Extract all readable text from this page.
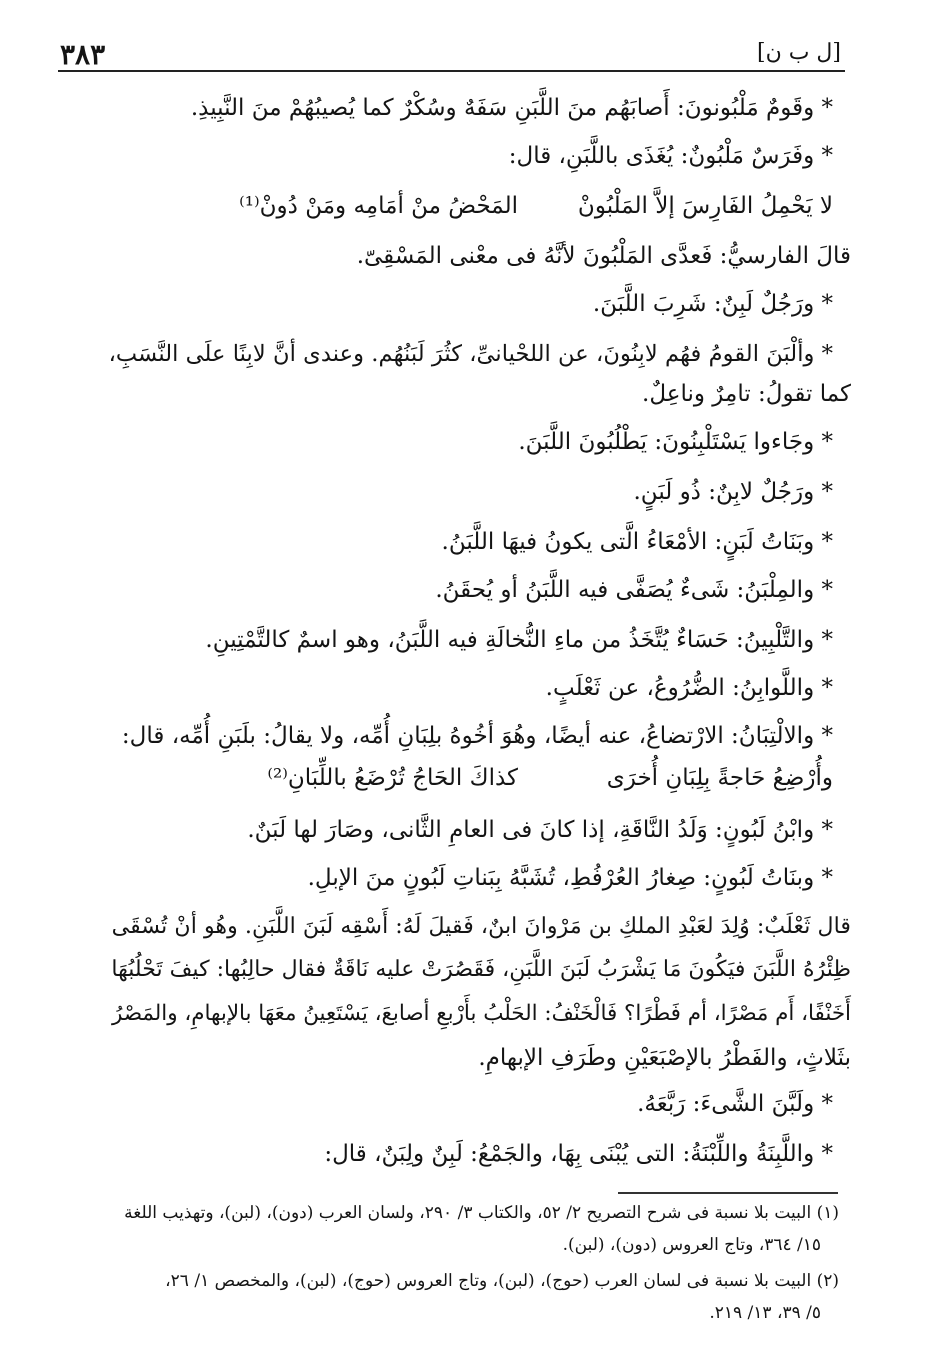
٣٨٣	[ل ب ن]
* وقَومٌ مَلْبُونونَ: أَصابَهُم منَ اللَّبَنِ سَفَهٌ وسُكْرٌ كما يُصيبُهُمْ منَ النَّبِيذِ.
* وفَرَسٌ مَلْبُونٌ: يُغَذَى باللَّبَنِ، قال:
لا يَحْمِلُ الفَارِسَ إلاَّ المَلْبُونْ
المَحْضُ منْ أمَامِه ومَنْ دُونْ⁽¹⁾
قالَ الفارسيُّ: فَعدَّى المَلْبُونَ لأنَّهُ فى معْنى المَسْقِىّ.
* ورَجُلٌ لَبِنٌ: شَرِبَ اللَّبَنَ.
* وألْبَنَ القومُ فهُم لابِنُونَ، عن اللحْيانىِّ، كثُرَ لَبَنُهُم. وعندى أنَّ لابِنًا علَى النَّسَبِ،
كما تقولُ: تامِرٌ وناعِلٌ.
* وجَاءوا يَسْتَلْبِنُونَ: يَطْلُبُونَ اللَّبَنَ.
* ورَجُلٌ لابِنٌ: ذُو لَبَنٍ.
* وبَنَاتُ لَبَنٍ: الأمْعَاءُ الَّتى يكونُ فيهَا اللَّبَنُ.
* والمِلْبَنُ: شَىءٌ يُصَفَّى فيه اللَّبَنُ أو يُحقَنُ.
* والتَّلْبِينُ: حَسَاءٌ يُتَّخَذُ من ماءِ النُّخالَةِ فيه اللَّبَنُ، وهو اسمٌ كالتَّمْتِينِ.
* واللَّوابِنُ: الضُّرُوعُ، عن ثَعْلَبٍ.
* والالْتِبَانُ: الارْتضاعُ، عنه أيضًا، وهُوَ أخُوهُ بلِبَانِ أُمِّه، ولا يقالُ: بلَبَنِ أُمِّه، قال:
وأُرْضِعُ حَاجةً بِلِبَانِ أُخرَى
كذاكَ الحَاجُ تُرْضَعُ باللِّبَانِ⁽²⁾
* وابْنُ لَبُونٍ: وَلَدُ النَّاقَةِ، إذا كانَ فى العامِ الثَّانى، وصَارَ لها لَبَنٌ.
* وبنَاتُ لَبُونٍ: صِغارُ العُرْفُطِ، تُشَبَّهُ بِبَناتِ لَبُونٍ منَ الإبلِ.
قال ثَعْلَبٌ: وُلِدَ لعَبْدِ الملكِ بن مَرْوانَ ابنٌ، فَقيلَ لَهُ: أَسْقِه لَبَنَ اللَّبَنِ. وهُو أنْ تُسْقَى
ظِئْرُهُ اللَّبَنَ فيَكُونَ مَا يَشْرَبُ لَبَنَ اللَّبَنِ، فَقَصُرَتْ عليه نَاقَةٌ فقال حالِبُها: كيفَ تَحْلُبُهَا
أَخَنْفًا، أَم مَصْرًا، أم فَطْرًا؟ فَالْخَنْفُ: الحَلْبُ بأَرْبعِ أصابعَ، يَسْتَعِينُ معَهَا بالإبهامِ، والمَصْرُ
بثَلاثٍ، والفَطْرُ بالإصْبَعَيْنِ وطَرَفِ الإبهامِ.
* ولَبَّنَ الشَّىءَ: رَبَّعَهُ.
* واللَّبِنَةُ واللِّبْنَةُ: التى يُبْنَى بِهَا، والجَمْعُ: لَبِنٌ ولِبَنٌ، قال:
(١) البيت بلا نسبة فى شرح التصريح ٢/ ٥٢، والكتاب ٣/ ٢٩٠، ولسان العرب (دون)، (لبن)، وتهذيب اللغة
١٥/ ٣٦٤، وتاج العروس (دون)، (لبن).
(٢) البيت بلا نسبة فى لسان العرب (حوج)، (لبن)، وتاج العروس (حوج)، (لبن)، والمخصص ١/ ٢٦،
٥/ ٣٩، ١٣/ ٢١٩.
